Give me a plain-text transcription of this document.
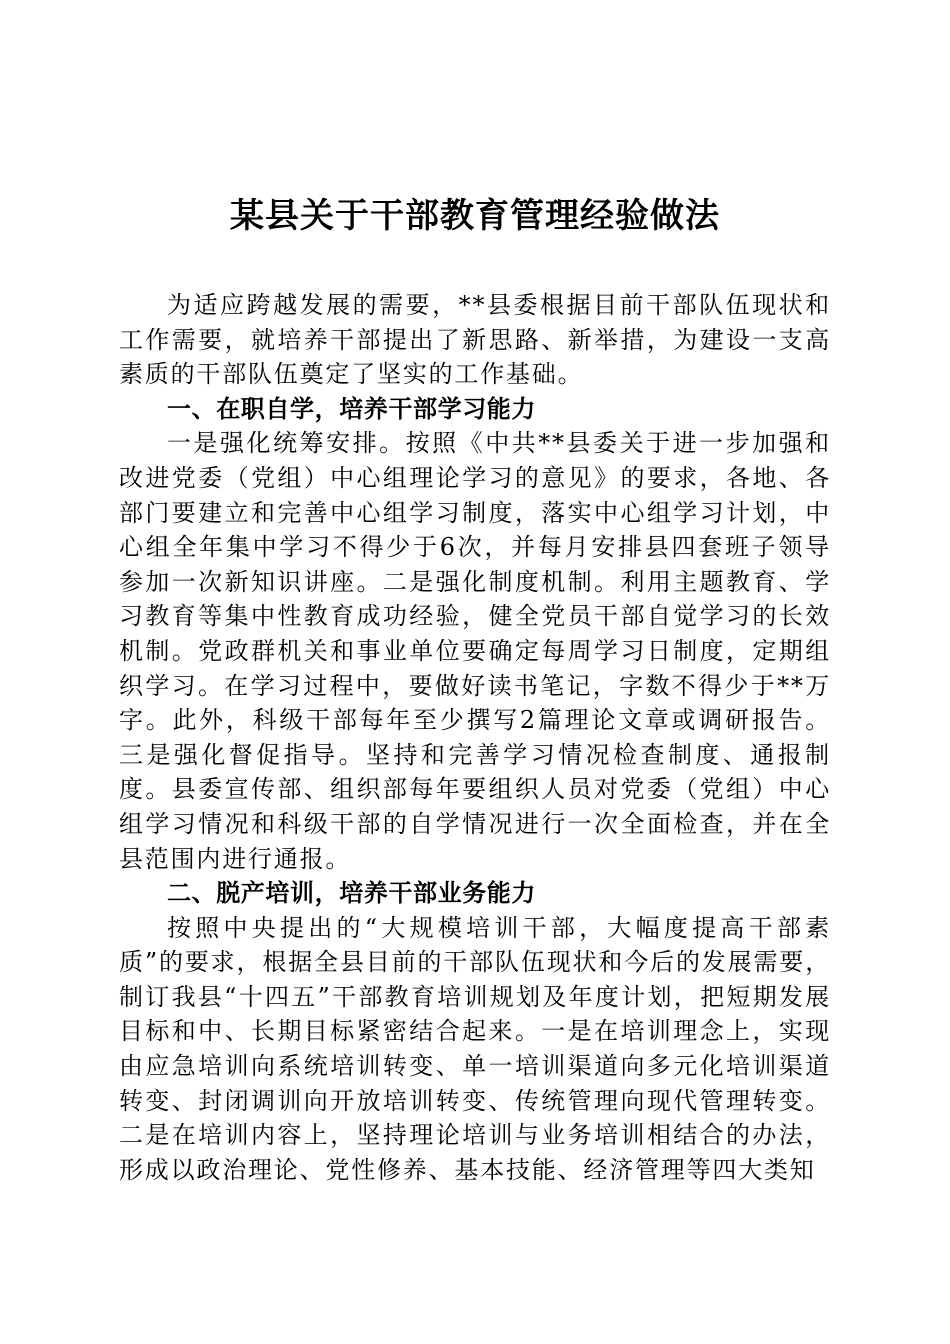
某县关于干部教育管理经验做法

为适应跨越发展的需要，**县委根据目前干部队伍现状和工作需要，就培养干部提出了新思路、新举措，为建设一支高素质的干部队伍奠定了坚实的工作基础。

一、在职自学，培养干部学习能力

一是强化统筹安排。按照《中共**县委关于进一步加强和改进党委（党组）中心组理论学习的意见》的要求，各地、各部门要建立和完善中心组学习制度，落实中心组学习计划，中心组全年集中学习不得少于6次，并每月安排县四套班子领导参加一次新知识讲座。二是强化制度机制。利用主题教育、学习教育等集中性教育成功经验，健全党员干部自觉学习的长效机制。党政群机关和事业单位要确定每周学习日制度，定期组织学习。在学习过程中，要做好读书笔记，字数不得少于**万字。此外，科级干部每年至少撰写2篇理论文章或调研报告。三是强化督促指导。坚持和完善学习情况检查制度、通报制度。县委宣传部、组织部每年要组织人员对党委（党组）中心组学习情况和科级干部的自学情况进行一次全面检查，并在全县范围内进行通报。

二、脱产培训，培养干部业务能力

按照中央提出的“大规模培训干部，大幅度提高干部素质”的要求，根据全县目前的干部队伍现状和今后的发展需要，制订我县“十四五”干部教育培训规划及年度计划，把短期发展目标和中、长期目标紧密结合起来。一是在培训理念上，实现由应急培训向系统培训转变、单一培训渠道向多元化培训渠道转变、封闭调训向开放培训转变、传统管理向现代管理转变。二是在培训内容上，坚持理论培训与业务培训相结合的办法，形成以政治理论、党性修养、基本技能、经济管理等四大类知
